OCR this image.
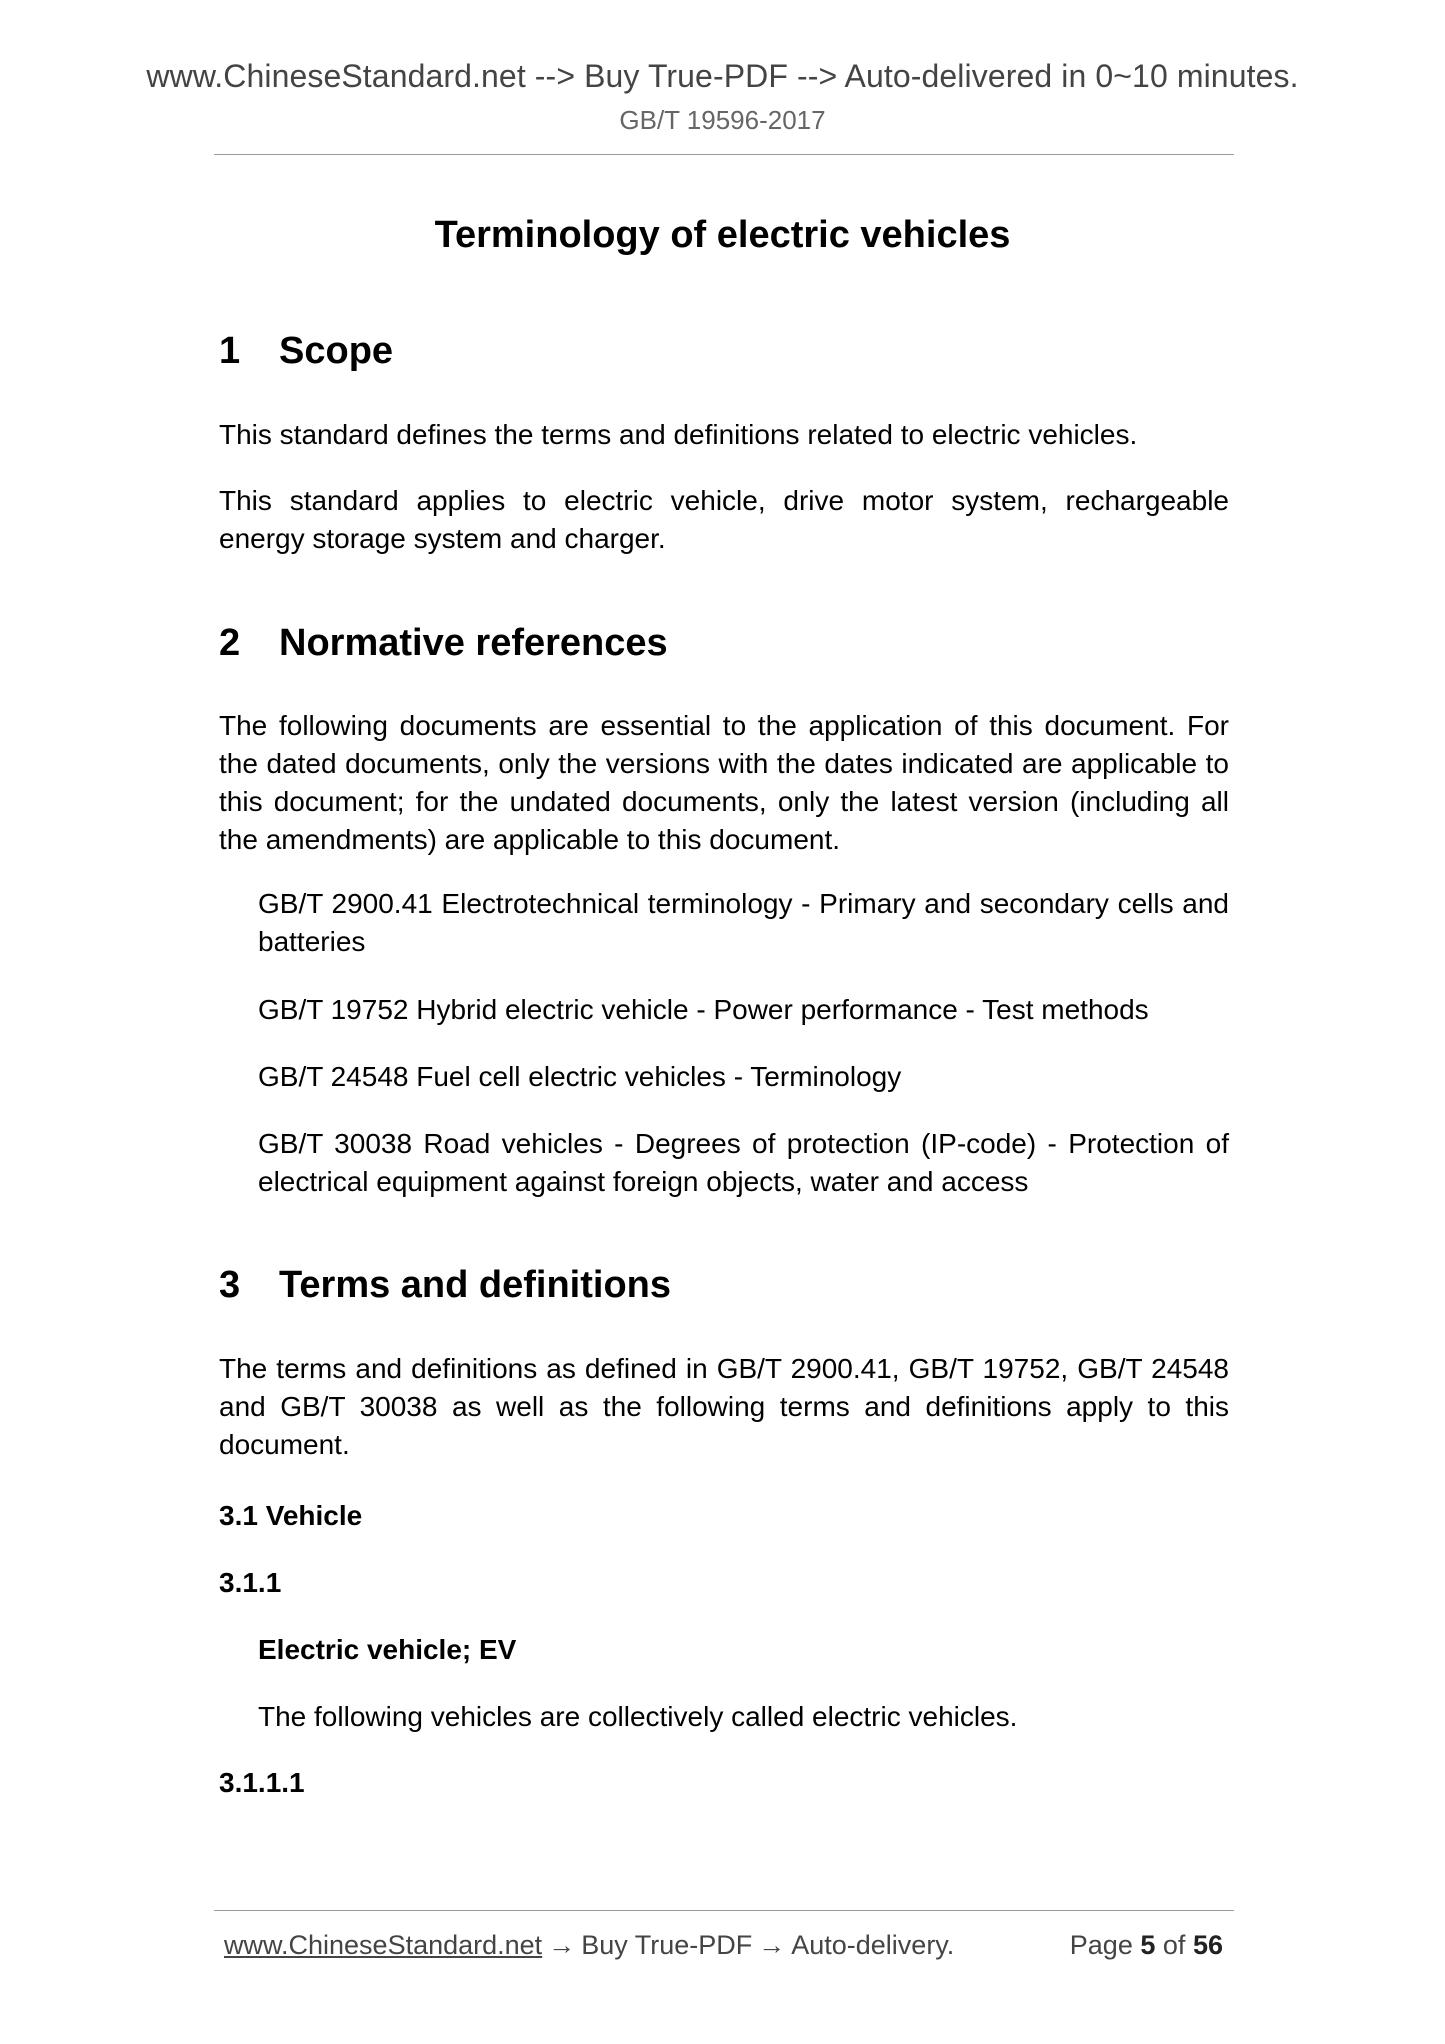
www.ChineseStandard.net --> Buy True-PDF --> Auto-delivered in 0~10 minutes.
GB/T 19596-2017
Terminology of electric vehicles
1 Scope

This standard defines the terms and definitions related to electric vehicles.

This standard applies to electric vehicle, drive motor system, rechargeable energy storage system and charger.

2 Normative references

The following documents are essential to the application of this document. For the dated documents, only the versions with the dates indicated are applicable to this document; for the undated documents, only the latest version (including all the amendments) are applicable to this document.

GB/T 2900.41 Electrotechnical terminology - Primary and secondary cells and batteries

GB/T 19752 Hybrid electric vehicle - Power performance - Test methods

GB/T 24548 Fuel cell electric vehicles - Terminology

GB/T 30038 Road vehicles - Degrees of protection (IP-code) - Protection of electrical equipment against foreign objects, water and access

3 Terms and definitions

The terms and definitions as defined in GB/T 2900.41, GB/T 19752, GB/T 24548 and GB/T 30038 as well as the following terms and definitions apply to this document.

3.1 Vehicle

3.1.1

Electric vehicle; EV

The following vehicles are collectively called electric vehicles.

3.1.1.1

www.ChineseStandard.net → Buy True-PDF → Auto-delivery.	Page 5 of 56
